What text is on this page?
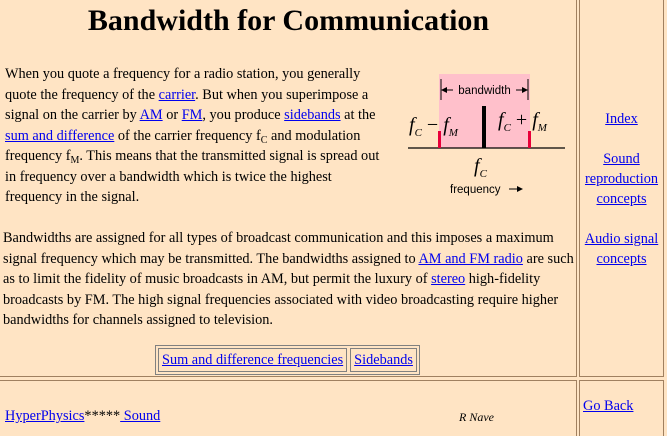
Bandwidth for Communication
When you quote a frequency for a radio station, you generally quote the frequency of the carrier. But when you superimpose a signal on the carrier by AM or FM, you produce sidebands at the sum and difference of the carrier frequency $f_C$ and modulation frequency $f_M$. This means that the transmitted signal is spread out in frequency over a bandwidth which is twice the highest frequency in the signal.
bandwidth
$f_C - f_M$
$f_C + f_M$
$f_C$
frequency
Bandwidths are assigned for all types of broadcast communication and this imposes a maximum signal frequency which may be transmitted. The bandwidths assigned to AM and FM radio are such as to limit the fidelity of music broadcasts in AM, but permit the luxury of stereo high-fidelity broadcasts by FM. The high signal frequencies associated with video broadcasting require higher bandwidths for channels assigned to television.
Sum and difference frequencies Sidebands
Index
Sound
reproduction
concepts
Audio signal
concepts
HyperPhysics***** Sound	R Nave
Go Back
